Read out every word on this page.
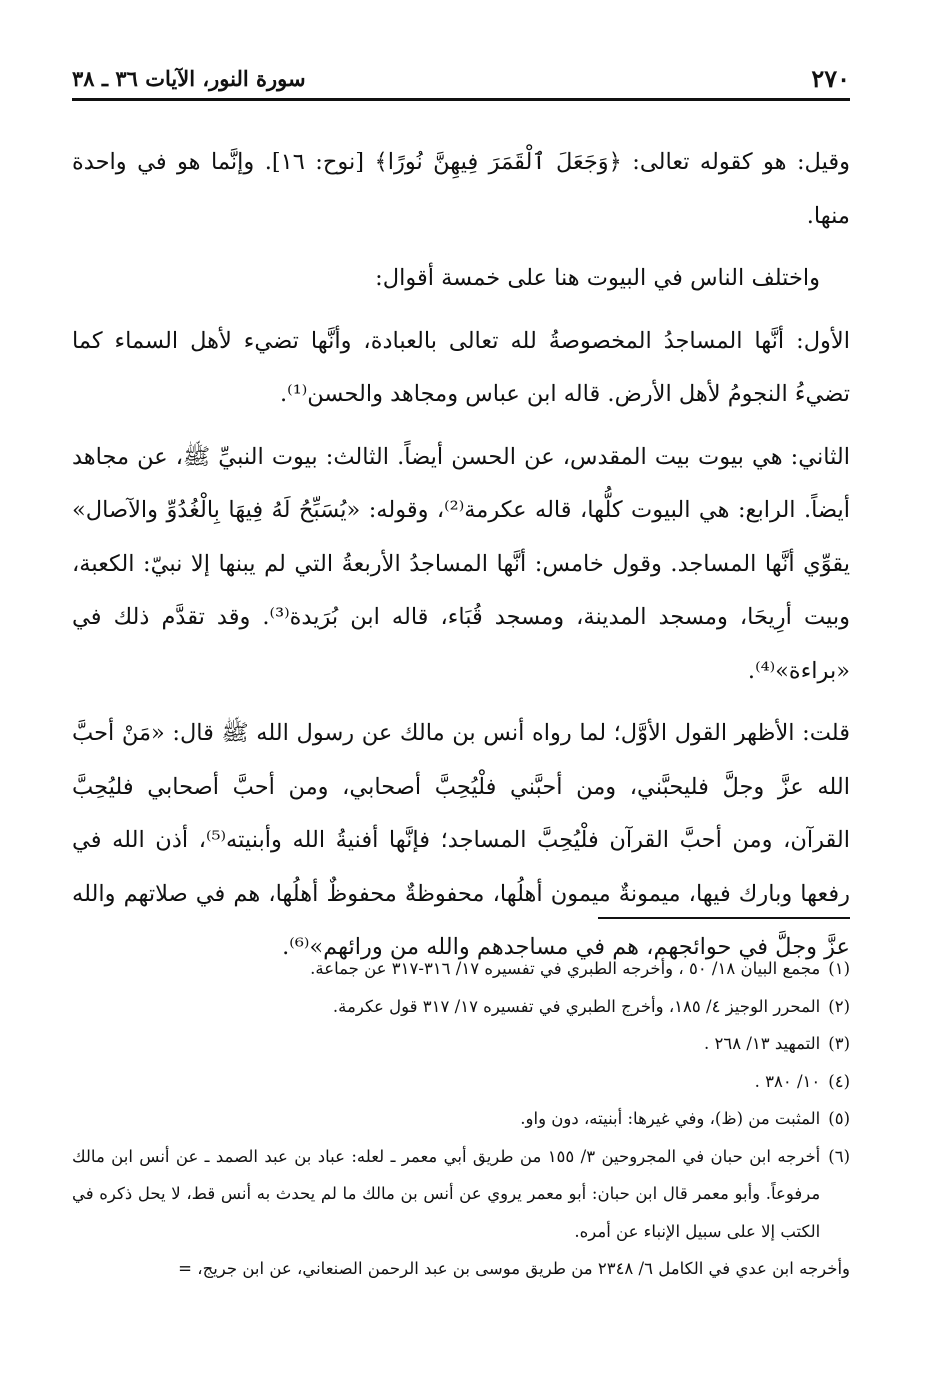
٢٧٠
سورة النور، الآيات ٣٦ ـ ٣٨

وقيل: هو كقوله تعالى: ﴿وَجَعَلَ ٱلْقَمَرَ فِيهِنَّ نُورًا﴾ [نوح: ١٦]. وإنَّما هو في واحدة منها.

واختلف الناس في البيوت هنا على خمسة أقوال:

الأول: أنَّها المساجدُ المخصوصةُ لله تعالى بالعبادة، وأنَّها تضيء لأهل السماء كما تضيءُ النجومُ لأهل الأرض. قاله ابن عباس ومجاهد والحسن⁽¹⁾.

الثاني: هي بيوت بيت المقدس، عن الحسن أيضاً. الثالث: بيوت النبيِّ ﷺ، عن مجاهد أيضاً. الرابع: هي البيوت كلُّها، قاله عكرمة⁽²⁾، وقوله: «يُسَبِّحُ لَهُ فِيهَا بِالْغُدُوِّ والآصال» يقوِّي أنَّها المساجد. وقول خامس: أنَّها المساجدُ الأربعةُ التي لم يبنها إلا نبيّ: الكعبة، وبيت أرِيحَا، ومسجد المدينة، ومسجد قُبَاء، قاله ابن بُرَيدة⁽³⁾. وقد تقدَّم ذلك في «براءة»⁽⁴⁾.

قلت: الأظهر القول الأوَّل؛ لما رواه أنس بن مالك عن رسول الله ﷺ قال: «مَنْ أحبَّ الله عزَّ وجلَّ فليحبَّني، ومن أحبَّني فلْيُحِبَّ أصحابي، ومن أحبَّ أصحابي فليُحِبَّ القرآن، ومن أحبَّ القرآن فلْيُحِبَّ المساجد؛ فإنَّها أفنيةُ الله وأبنيته⁽⁵⁾، أذن الله في رفعها وبارك فيها، ميمونةٌ ميمون أهلُها، محفوظةٌ محفوظٌ أهلُها، هم في صلاتهم والله عزَّ وجلَّ في حوائجهم، هم في مساجدهم والله من ورائهم»⁽⁶⁾.

(١)
مجمع البيان ١٨/ ٥٠ ، وأخرجه الطبري في تفسيره ١٧/ ٣١٦-٣١٧ عن جماعة.
(٢)
المحرر الوجيز ٤/ ١٨٥، وأخرج الطبري في تفسيره ١٧/ ٣١٧ قول عكرمة.
(٣)
التمهيد ١٣/ ٢٦٨ .
(٤)
١٠/ ٣٨٠ .
(٥)
المثبت من (ظ)، وفي غيرها: أبنيته، دون واو.
(٦)
أخرجه ابن حبان في المجروحين ٣/ ١٥٥ من طريق أبي معمر ـ لعله: عباد بن عبد الصمد ـ عن أنس ابن مالك مرفوعاً. وأبو معمر قال ابن حبان: أبو معمر يروي عن أنس بن مالك ما لم يحدث به أنس قط، لا يحل ذكره في الكتب إلا على سبيل الإنباء عن أمره.

وأخرجه ابن عدي في الكامل ٦/ ٢٣٤٨ من طريق موسى بن عبد الرحمن الصنعاني، عن ابن جريج، =
